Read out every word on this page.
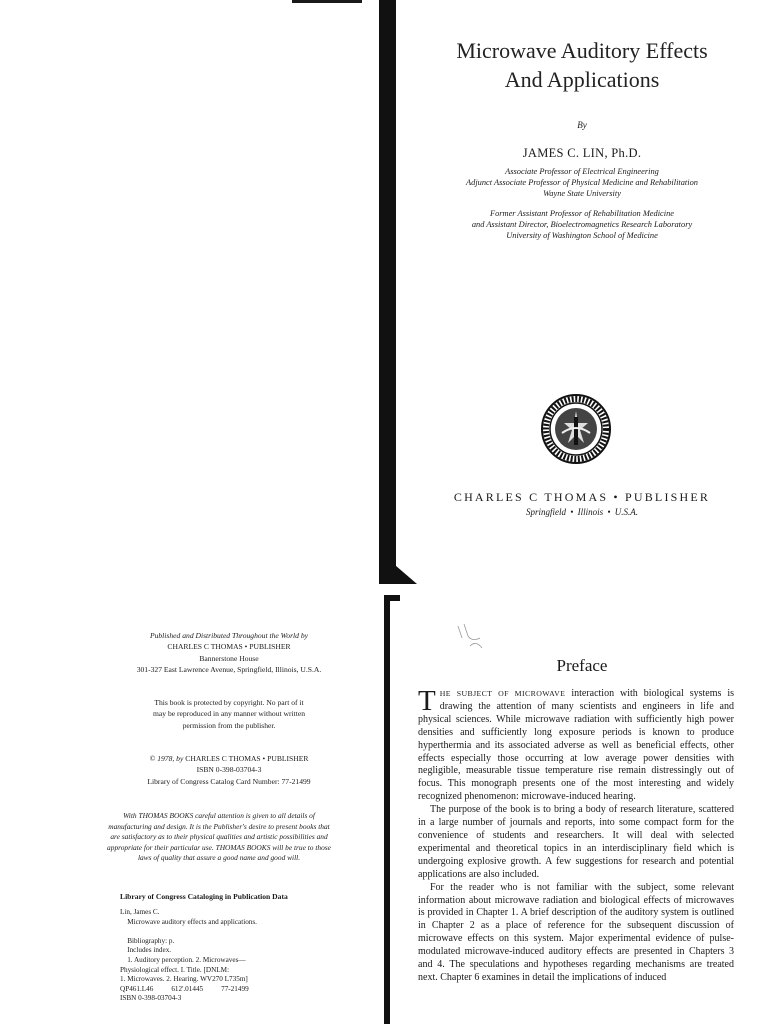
Microwave Auditory Effects
And Applications
By
JAMES C. LIN, Ph.D.
Associate Professor of Electrical Engineering
Adjunct Associate Professor of Physical Medicine and Rehabilitation
Wayne State University
Former Assistant Professor of Rehabilitation Medicine
and Assistant Director, Bioelectromagnetics Research Laboratory
University of Washington School of Medicine
CHARLES C THOMAS • PUBLISHER
Springfield • Illinois • U.S.A.
Published and Distributed Throughout the World by
CHARLES C THOMAS • PUBLISHER
Bannerstone House
301-327 East Lawrence Avenue, Springfield, Illinois, U.S.A.
This book is protected by copyright. No part of it
may be reproduced in any manner without written
permission from the publisher.
© 1978, by CHARLES C THOMAS • PUBLISHER
ISBN 0-398-03704-3
Library of Congress Catalog Card Number: 77-21499
With THOMAS BOOKS careful attention is given to all details of
manufacturing and design. It is the Publisher's desire to present books that
are satisfactory as to their physical qualities and artistic possibilities and
appropriate for their particular use. THOMAS BOOKS will be true to those
laws of quality that assure a good name and good will.
Library of Congress Cataloging in Publication Data
Lin, James C.
Microwave auditory effects and applications.

Bibliography: p.
Includes index.
1. Auditory perception. 2. Microwaves—
Physiological effect. I. Title. [DNLM:
1. Microwaves. 2. Hearing. WV270 L735m]
QP461.L46          612'.01445          77-21499
ISBN 0-398-03704-3
Preface

THE SUBJECT OF MICROWAVE interaction with biological systems is drawing the attention of many scientists and engineers in life and physical sciences. While microwave radiation with sufficiently high power densities and sufficiently long exposure periods is known to produce hyperthermia and its associated adverse as well as beneficial effects, other effects especially those occurring at low average power densities with negligible, measurable tissue temperature rise remain distressingly out of focus. This monograph presents one of the most interesting and widely recognized phenomenon: microwave-induced hearing.

The purpose of the book is to bring a body of research literature, scattered in a large number of journals and reports, into some compact form for the convenience of students and researchers. It will deal with selected experimental and theoretical topics in an interdisciplinary field which is undergoing explosive growth. A few suggestions for research and potential applications are also included.

For the reader who is not familiar with the subject, some relevant information about microwave radiation and biological effects of microwaves is provided in Chapter 1. A brief description of the auditory system is outlined in Chapter 2 as a place of reference for the subsequent discussion of microwave effects on this system. Major experimental evidence of pulse-modulated microwave-induced auditory effects are presented in Chapters 3 and 4. The speculations and hypotheses regarding mechanisms are treated next. Chapter 6 examines in detail the implications of induced
